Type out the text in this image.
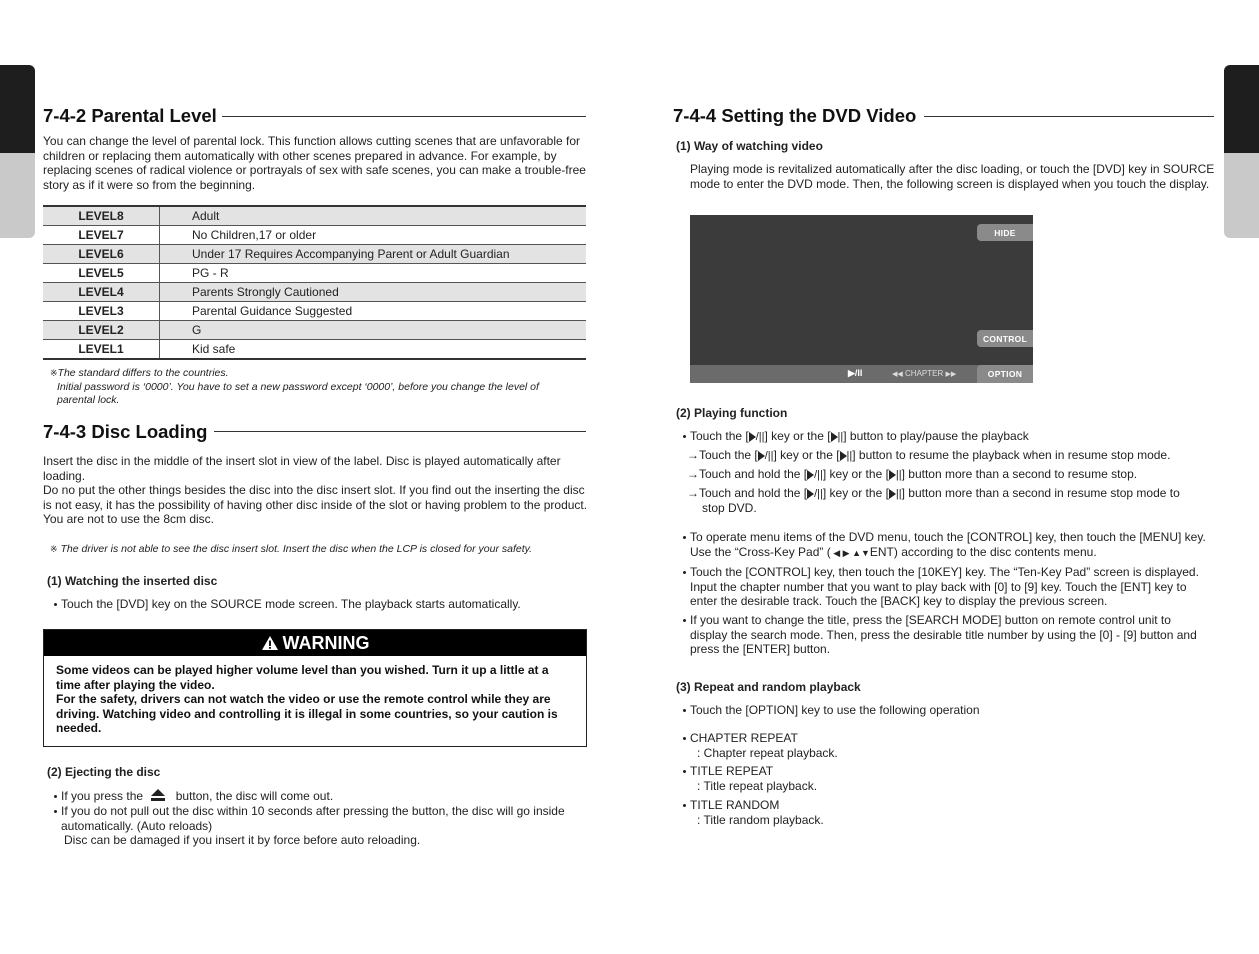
7-4-2 Parental Level
You can change the level of parental lock. This function allows cutting scenes that are unfavorable for children or replacing them automatically with other scenes prepared in advance. For example, by replacing scenes of radical violence or portrayals of sex with safe scenes, you can make a trouble-free story as if it were so from the beginning.
LEVEL8	Adult
LEVEL7	No Children,17 or older
LEVEL6	Under 17 Requires Accompanying Parent or Adult Guardian
LEVEL5	PG - R
LEVEL4	Parents Strongly Cautioned
LEVEL3	Parental Guidance Suggested
LEVEL2	G
LEVEL1	Kid safe
※The standard differs to the countries.
Initial password is ‘0000’. You have to set a new password except ‘0000’, before you change the level of parental lock.
7-4-3 Disc Loading
Insert the disc in the middle of the insert slot in view of the label. Disc is played automatically after loading.
Do no put the other things besides the disc into the disc insert slot. If you find out the inserting the disc is not easy, it has the possibility of having other disc inside of the slot or having problem to the product. You are not to use the 8cm disc.
※ The driver is not able to see the disc insert slot. Insert the disc when the LCP is closed for your safety.
(1) Watching the inserted disc
Touch the [DVD] key on the SOURCE mode screen. The playback starts automatically.
WARNING
Some videos can be played higher volume level than you wished. Turn it up a little at a time after playing the video.
For the safety, drivers can not watch the video or use the remote control while they are driving. Watching video and controlling it is illegal in some countries, so your caution is needed.
(2) Ejecting the disc
If you press the	button, the disc will come out.
If you do not pull out the disc within 10 seconds after pressing the button, the disc will go inside automatically. (Auto reloads)
Disc can be damaged if you insert it by force before auto reloading.
7-4-4 Setting the DVD Video
(1) Way of watching video
Playing mode is revitalized automatically after the disc loading, or touch the [DVD] key in SOURCE mode to enter the DVD mode. Then, the following screen is displayed when you touch the display.
HIDE
CONTROL
▶/II	◀◀ CHAPTER ▶▶	OPTION
(2) Playing function
Touch the [ /||] key or the [ ||] button to play/pause the playback
→Touch the [ /||] key or the [ ||] button to resume the playback when in resume stop mode.
→Touch and hold the [ /||] key or the [ ||] button more than a second to resume stop.
→Touch and hold the [ /||] key or the [ ||] button more than a second in resume stop mode to
stop DVD.
To operate menu items of the DVD menu, touch the [CONTROL] key, then touch the [MENU] key. Use the “Cross-Key Pad” ( ◀ ▶ ▲▼ENT) according to the disc contents menu.
Touch the [CONTROL] key, then touch the [10KEY] key. The “Ten-Key Pad” screen is displayed. Input the chapter number that you want to play back with [0] to [9] key. Touch the [ENT] key to enter the desirable track. Touch the [BACK] key to display the previous screen.
If you want to change the title, press the [SEARCH MODE] button on remote control unit to display the search mode. Then, press the desirable title number by using the [0] - [9] button and press the [ENTER] button.
(3) Repeat and random playback
Touch the [OPTION] key to use the following operation
CHAPTER REPEAT
: Chapter repeat playback.
TITLE REPEAT
: Title repeat playback.
TITLE RANDOM
: Title random playback.
